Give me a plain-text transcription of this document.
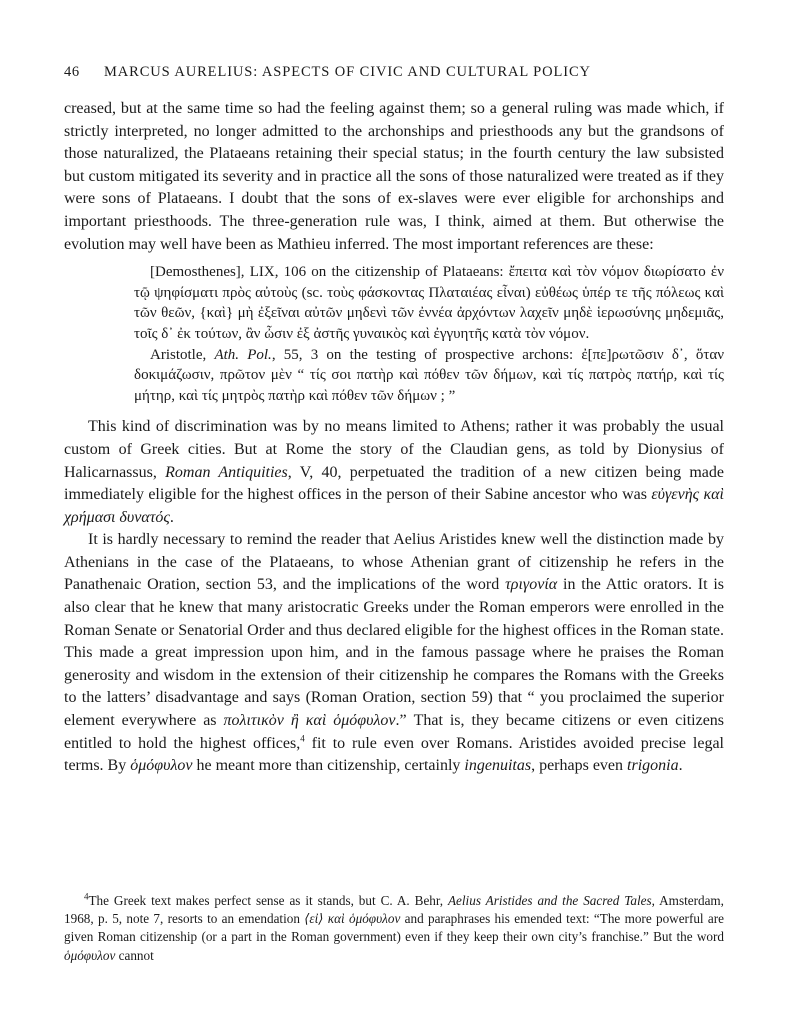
46 MARCUS AURELIUS: ASPECTS OF CIVIC AND CULTURAL POLICY

creased, but at the same time so had the feeling against them; so a general ruling was made which, if strictly interpreted, no longer admitted to the archonships and priesthoods any but the grandsons of those naturalized, the Plataeans retaining their special status; in the fourth century the law subsisted but custom mitigated its severity and in practice all the sons of those naturalized were treated as if they were sons of Plataeans. I doubt that the sons of ex-slaves were ever eligible for archonships and important priesthoods. The three-generation rule was, I think, aimed at them. But otherwise the evolution may well have been as Mathieu inferred. The most important references are these:

[Demosthenes], LIX, 106 on the citizenship of Plataeans: ἔπειτα καὶ τὸν νόμον διωρίσατο ἐν τῷ ψηφίσματι πρὸς αὐτοὺς (sc. τοὺς φάσκοντας Πλαταιέας εἶναι) εὐθέως ὑπέρ τε τῆς πόλεως καὶ τῶν θεῶν, {καὶ} μὴ ἐξεῖναι αὐτῶν μηδενὶ τῶν ἐννέα ἀρχόντων λαχεῖν μηδὲ ἱερωσύνης μηδεμιᾶς, τοῖς δ᾽ ἐκ τούτων, ἂν ὦσιν ἐξ ἀστῆς γυναικὸς καὶ ἐγγυητῆς κατὰ τὸν νόμον.
Aristotle, Ath. Pol., 55, 3 on the testing of prospective archons: ἐ[πε]ρωτῶσιν δ᾽, ὅταν δοκιμάζωσιν, πρῶτον μὲν “ τίς σοι πατὴρ καὶ πόθεν τῶν δήμων, καὶ τίς πατρὸς πατήρ, καὶ τίς μήτηρ, καὶ τίς μητρὸς πατὴρ καὶ πόθεν τῶν δήμων ; ”

This kind of discrimination was by no means limited to Athens; rather it was probably the usual custom of Greek cities. But at Rome the story of the Claudian gens, as told by Dionysius of Halicarnassus, Roman Antiquities, V, 40, perpetuated the tradition of a new citizen being made immediately eligible for the highest offices in the person of their Sabine ancestor who was εὐγενὴς καὶ χρήμασι δυνατός.

It is hardly necessary to remind the reader that Aelius Aristides knew well the distinction made by Athenians in the case of the Plataeans, to whose Athenian grant of citizenship he refers in the Panathenaic Oration, section 53, and the implications of the word τριγονία in the Attic orators. It is also clear that he knew that many aristocratic Greeks under the Roman emperors were enrolled in the Roman Senate or Senatorial Order and thus declared eligible for the highest offices in the Roman state. This made a great impression upon him, and in the famous passage where he praises the Roman generosity and wisdom in the extension of their citizenship he compares the Romans with the Greeks to the latters’ disadvantage and says (Roman Oration, section 59) that “ you proclaimed the superior element everywhere as πολιτικὸν ἢ καὶ ὁμόφυλον.” That is, they became citizens or even citizens entitled to hold the highest offices,$^4$ fit to rule even over Romans. Aristides avoided precise legal terms. By ὁμόφυλον he meant more than citizenship, certainly ingenuitas, perhaps even trigonia.

$^4$The Greek text makes perfect sense as it stands, but C. A. Behr, Aelius Aristides and the Sacred Tales, Amsterdam, 1968, p. 5, note 7, resorts to an emendation ⟨εἰ⟩ καὶ ὁμόφυλον and paraphrases his emended text: “The more powerful are given Roman citizenship (or a part in the Roman government) even if they keep their own city’s franchise.” But the word ὁμόφυλον cannot
